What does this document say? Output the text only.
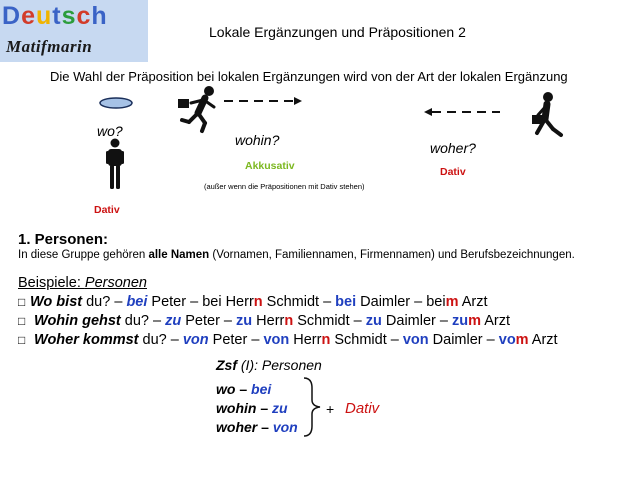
Deutsch
Matifmarin
Lokale Ergänzungen und Präpositionen 2
Die Wahl der Präposition bei lokalen Ergänzungen wird von der Art der lokalen Ergänzung
wo?
Dativ
wohin?
Akkusativ
(außer wenn die Präpositionen mit Dativ stehen)
woher?
Dativ
1. Personen:
In diese Gruppe gehören alle Namen (Vornamen, Familiennamen, Firmennamen) und Berufsbezeichnungen.
Beispiele: Personen
□ Wo bist du? – bei Peter – bei Herrn Schmidt – bei Daimler – beim Arzt
□ Wohin gehst du? – zu Peter – zu Herrn Schmidt – zu Daimler – zum Arzt
□ Woher kommst du? – von Peter – von Herrn Schmidt – von Daimler – vom Arzt
Zsf (I): Personen
wo – bei
wohin – zu
woher – von
+ Dativ
